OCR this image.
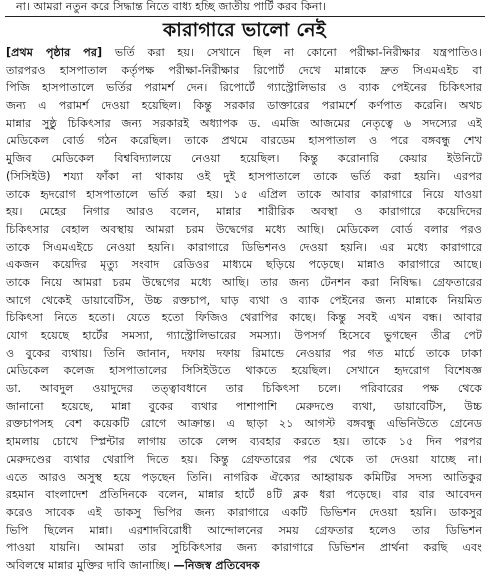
না। আমরা নতুন করে সিদ্ধান্ত নিতে বাধ্য হচ্ছি জাতীয় পার্টি করব কিনা।
কারাগারে ভালো নেই
[প্রথম পৃষ্ঠার পর] ভর্তি করা হয়। সেখানে ছিল না কোনো পরীক্ষা-নিরীক্ষার যন্ত্রপাতিও।
তারপরও হাসপাতাল কর্তৃপক্ষ পরীক্ষা-নিরীক্ষার রিপোর্ট দেখে মান্নাকে দ্রুত সিএমএইচ বা
পিজি হাসপাতালে ভর্তির পরামর্শ দেন। রিপোর্টে গ্যাস্ট্রোলিভার ও ব্যাক পেইনের চিকিৎসার
জন্য এ পরামর্শ দেওয়া হয়েছিল। কিন্তু সরকার ডাক্তারের পরামর্শে কর্ণপাত করেনি। অথচ
মান্নার সুষ্ঠু চিকিৎসার জন্য সরকারই অধ্যাপক ড. এমজি আজমের নেতৃত্বে ৬ সদস্যের এই
মেডিকেল বোর্ড গঠন করেছিল। তাকে প্রথমে বারডেম হাসপাতাল ও পরে বঙ্গবন্ধু শেখ
মুজিব মেডিকেল বিশ্ববিদ্যালয়ে নেওয়া হয়েছিল। কিন্তু করোনারি কেয়ার ইউনিটে
(সিসিইউ) শয্যা ফাঁকা না থাকায় ওই দুই হাসপাতালে তাকে ভর্তি করা হয়নি। এরপর
তাকে হৃদরোগ হাসপাতালে ভর্তি করা হয়। ১৫ এপ্রিল তাকে আবার কারাগারে নিয়ে যাওয়া
হয়। মেহের নিগার আরও বলেন, মান্নার শারীরিক অবস্থা ও কারাগারে কয়েদিদের
চিকিৎসার বেহাল অবস্থায় আমরা চরম উদ্বেগের মধ্যে আছি। মেডিকেল বোর্ড বলার পরও
তাকে সিএমএইচে নেওয়া হয়নি। কারাগারে ডিভিশনও দেওয়া হয়নি। এর মধ্যে কারাগারে
একজন কয়েদির মৃত্যু সংবাদ রেডিওর মাধ্যমে ছড়িয়ে পড়েছে। মান্নাও কারাগারে আছে।
তাকে নিয়ে আমরা চরম উদ্বেগের মধ্যে আছি। তার জন্য টেনশন করা নিষিদ্ধ। গ্রেফতারের
আগে থেকেই ডায়াবেটিস, উচ্চ রক্তচাপ, ঘাড় ব্যথা ও ব্যাক পেইনের জন্য মান্নাকে নিয়মিত
চিকিৎসা নিতে হতো। যেতে হতো ফিজিও থেরাপির কাছে। কিন্তু সবই এখন বন্ধ। আবার
যোগ হয়েছে হার্টের সমস্যা, গ্যাস্ট্রোলিভারের সমস্যা। উপসর্গ হিসেবে ভুগছেন তীব্র পেট
ও বুকের ব্যথায়। তিনি জানান, দফায় দফায় রিমান্ডে নেওয়ার পর গত মার্চে তাকে ঢাকা
মেডিকেল কলেজ হাসপাতালের সিসিইউতে থাকতে হয়েছিল। সেখানে হৃদরোগ বিশেষজ্ঞ
ডা. আবদুল ওয়াদুদের তত্ত্বাবধানে তার চিকিৎসা চলে। পরিবারের পক্ষ থেকে
জানানো হয়েছে, মান্না বুকের ব্যথার পাশাপাশি মেরুদণ্ডে ব্যথা, ডায়াবেটিস, উচ্চ
রক্তচাপসহ বেশ কয়েকটি রোগে আক্রান্ত। এ ছাড়া ২১ আগস্ট বঙ্গবন্ধু এভিনিউতে গ্রেনেড
হামলায় চোখে স্প্লিন্টার লাগায় তাকে লেন্স ব্যবহার করতে হয়। তাকে ১৫ দিন পরপর
মেরুদণ্ডের ব্যথার থেরাপি দিতে হয়। কিন্তু গ্রেফতারের পর থেকে তা দেওয়া যাচ্ছে না।
এতে আরও অসুস্থ হয়ে পড়ছেন তিনি। নাগরিক ঐক্যের আহ্বায়ক কমিটির সদস্য আতিকুর
রহমান বাংলাদেশ প্রতিদিনকে বলেন, মান্নার হার্টে ৪টি ব্লক ধরা পড়েছে। বার বার আবেদন
করেও সাবেক এই ডাকসু ভিপির জন্য কারাগারে একটি ডিভিশন দেওয়া হয়নি। ডাকসুর
ভিপি ছিলেন মান্না। এরশাদবিরোধী আন্দোলনের সময় গ্রেফতার হলেও তার ডিভিশন
পাওয়া যায়নি। আমরা তার সুচিকিৎসার জন্য কারাগারে ডিভিশন প্রার্থনা করছি এবং
অবিলম্বে মান্নার মুক্তির দাবি জানাচ্ছি। —নিজস্ব প্রতিবেদক
